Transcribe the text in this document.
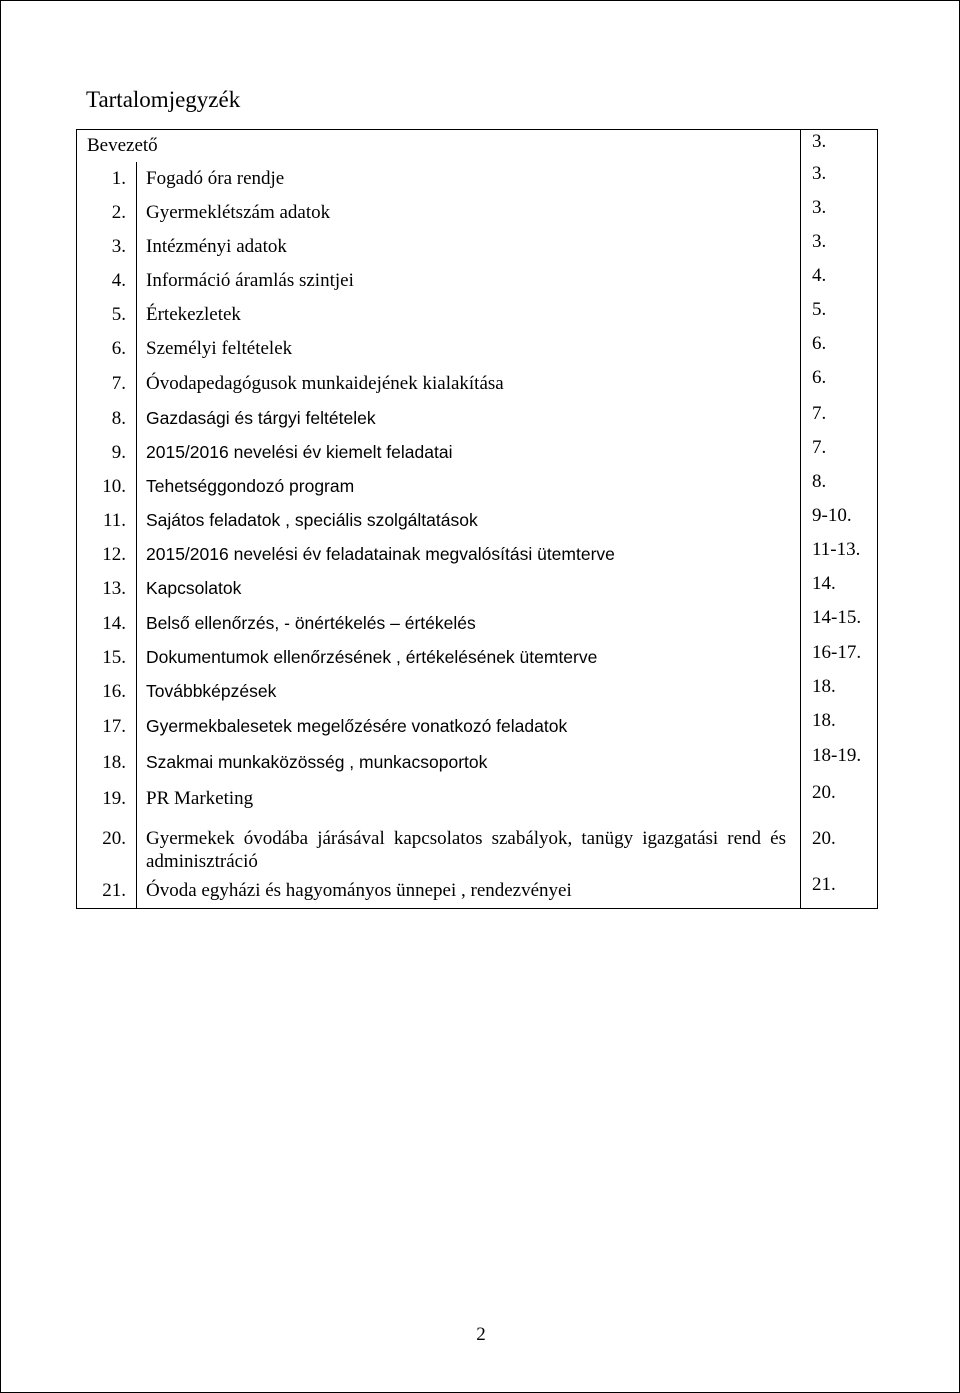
Tartalomjegyzék
Bevezető		3.
1.	Fogadó óra rendje	3.
2.	Gyermeklétszám adatok	3.
3.	Intézményi adatok	3.
4.	Információ áramlás szintjei	4.
5.	Értekezletek	5.
6.	Személyi feltételek	6.
7.	Óvodapedagógusok munkaidejének kialakítása	6.
8.	Gazdasági és tárgyi feltételek	7.
9.	2015/2016 nevelési év kiemelt feladatai	7.
10.	Tehetséggondozó program	8.
11.	Sajátos feladatok , speciális szolgáltatások	9-10.
12.	2015/2016 nevelési év feladatainak megvalósítási ütemterve	11-13.
13.	Kapcsolatok	14.
14.	Belső ellenőrzés, - önértékelés – értékelés	14-15.
15.	Dokumentumok ellenőrzésének , értékelésének ütemterve	16-17.
16.	Továbbképzések	18.
17.	Gyermekbalesetek megelőzésére vonatkozó feladatok	18.
18.	Szakmai munkaközösség , munkacsoportok	18-19.
19.	PR Marketing	20.
20.	Gyermekek óvodába járásával kapcsolatos szabályok, tanügy igazgatási rend és adminisztráció	20.
21.	Óvoda egyházi és hagyományos ünnepei , rendezvényei	21.
2
